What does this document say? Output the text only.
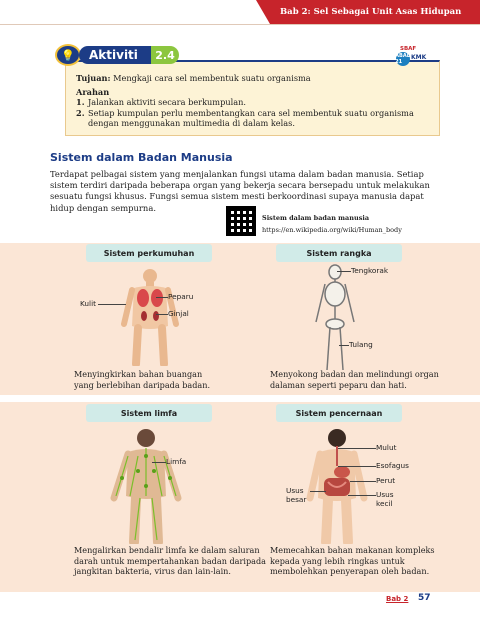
Bab 2: Sel Sebagai Unit Asas Hidupan
💡	Aktiviti	2.4	SBAF
ABAD 21
KMK
Tujuan: Mengkaji cara sel membentuk suatu organisma
Arahan
1. Jalankan aktiviti secara berkumpulan.
2. Setiap kumpulan perlu membentangkan cara sel membentuk suatu organisma dengan menggunakan multimedia di dalam kelas.
Sistem dalam Badan Manusia
Terdapat pelbagai sistem yang menjalankan fungsi utama dalam badan manusia. Setiap sistem terdiri daripada beberapa organ yang bekerja secara bersepadu untuk melakukan sesuatu fungsi khusus. Fungsi semua sistem mesti berkoordinasi supaya manusia dapat hidup dengan sempurna.
Sistem dalam badan manusia
https://en.wikipedia.org/wiki/Human_body
Sistem perkumuhan
Kulit
Peparu
Ginjal
Menyingkirkan bahan buangan
yang berlebihan daripada badan.
Sistem rangka
Tengkorak
Tulang
Menyokong badan dan melindungi organ
dalaman seperti peparu dan hati.
Sistem limfa
Limfa
Mengalirkan bendalir limfa ke dalam saluran
darah untuk mempertahankan badan daripada
jangkitan bakteria, virus dan lain-lain.
Sistem pencernaan
Mulut
Esofagus
Perut
Usus besar
Usus kecil
Memecahkan bahan makanan kompleks
kepada yang lebih ringkas untuk
membolehkan penyerapan oleh badan.
Bab 2 57
